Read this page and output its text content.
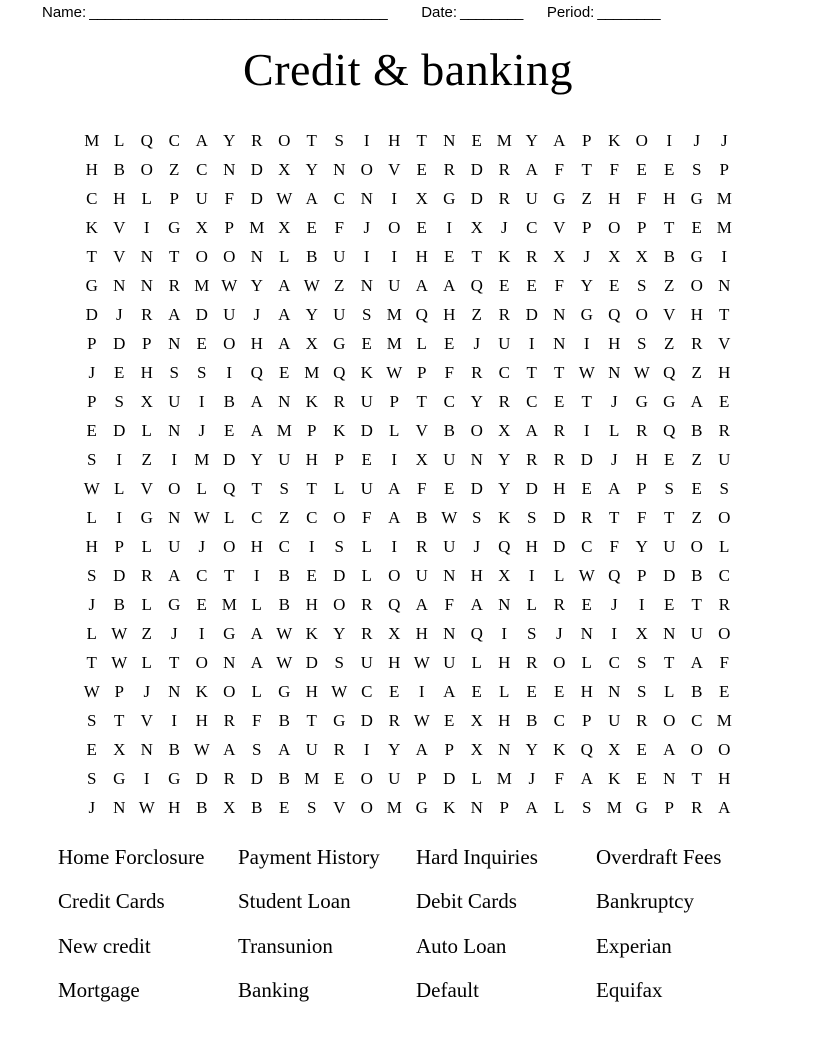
Name: ______________________________________ Date: ________ Period: ________
Credit & banking
M L Q C A Y R O T	S	I	H T N E M Y A P K O	I	J	J
H B O Z C N D X Y N O V E R D R A F	T	F	E	E	S	P
C H L	P U F D W A C N	I	X G D R U G Z H F H G M
K V	I	G X P M X E	F	J	O E	I	X	J	C V P O P	T	E M
T V N T O O N L B U	I	I	H E	T K R X	J	X X B G	I
G N N R M W Y A W Z N U A A Q E	E	F Y E	S	Z O N
D	J	R A D U	J	A Y U S M Q H Z R D N G Q O V H T
P D P N E O H A X G E M L	E	J	U	I	N	I	H S	Z R V
J	E H S	S	I	Q E M Q K W P	F	R C T	T W N W Q Z H
P	S X U	I	B A N K R U P	T C Y R C E	T	J	G G A E
E D L N	J	E A M P K D L V B O X A R	I	L R Q B R
S	I	Z	I	M D Y U H P	E	I	X U N Y R R D	J	H E	Z U
W L V O L Q T	S	T	L U A F	E D Y D H E A P	S	E	S
L	I	G N W L C Z C O F A B W S K S D R T	F	T	Z O
H P	L U	J	O H C	I	S	L	I	R U	J	Q H D C	F Y U O L
S D R A C T	I	B E D L O U N H X	I	L W Q P D B C
J	B L G E M L B H O R Q A F A N L R E	J	I	E	T R
L W Z	J	I	G A W K Y R X H N Q	I	S	J	N	I	X N U O
T W L	T O N A W D S U H W U L H R O L C	S	T A F
W P	J	N K O L G H W C E	I	A E	L	E	E H N S	L B E
S	T V	I	H R	F	B T G D R W E X H B C	P U R O C M
E X N B W A S A U R	I	Y A P X N Y K Q X E A O O
S G	I	G D R D B M E O U P D L M J	F A K E N T H
J	N W H B X B E	S V O M G K N P A L	S M G P	R A
Home Forclosure	Payment History	Hard Inquiries	Overdraft Fees
Credit Cards	Student Loan	Debit Cards	Bankruptcy
New credit	Transunion	Auto Loan	Experian
Mortgage	Banking	Default	Equifax
